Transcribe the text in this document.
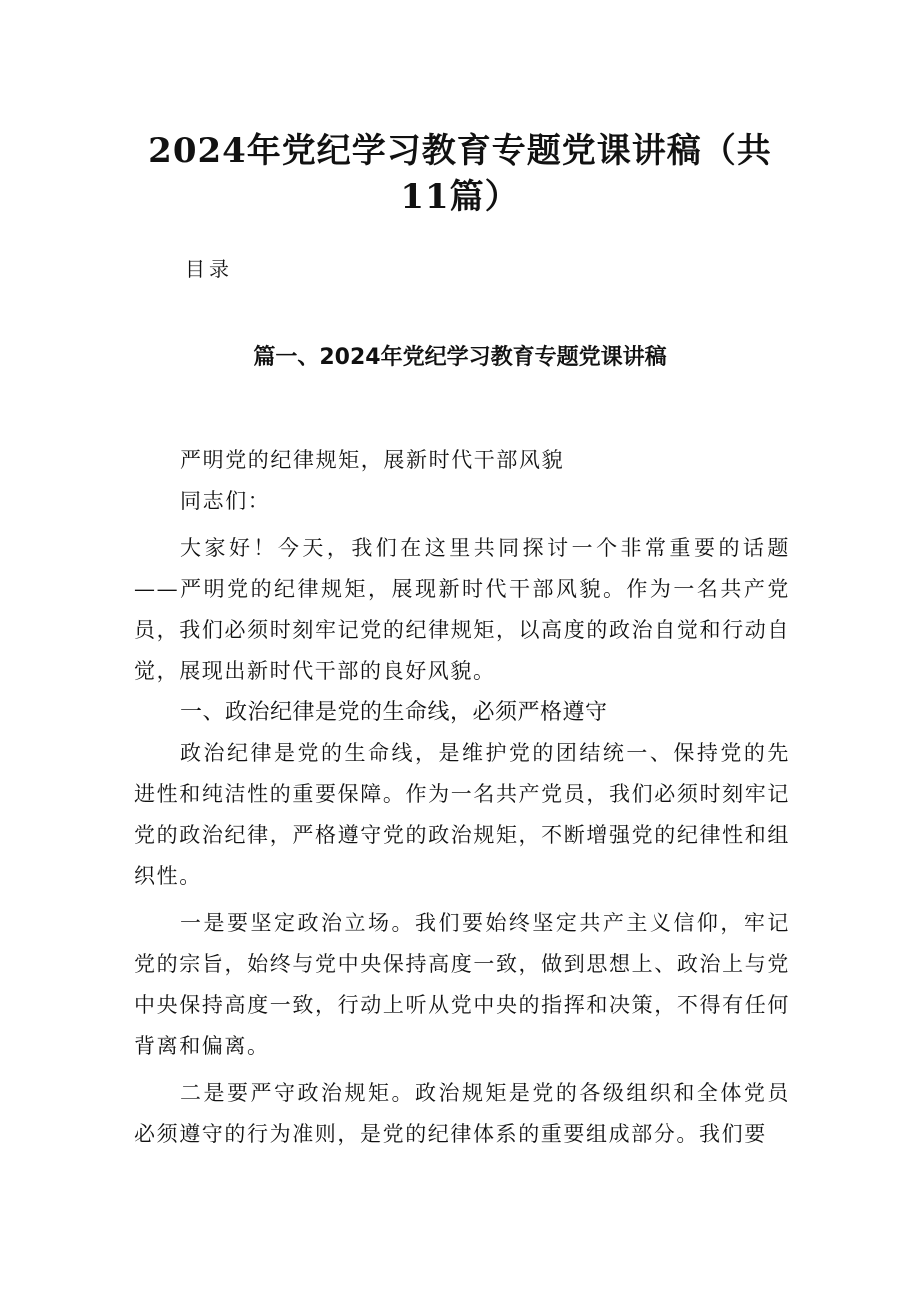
2024年党纪学习教育专题党课讲稿（共11篇）
目录
篇一、2024年党纪学习教育专题党课讲稿

严明党的纪律规矩，展新时代干部风貌

同志们：

大家好！今天，我们在这里共同探讨一个非常重要的话题——严明党的纪律规矩，展现新时代干部风貌。作为一名共产党员，我们必须时刻牢记党的纪律规矩，以高度的政治自觉和行动自觉，展现出新时代干部的良好风貌。

一、政治纪律是党的生命线，必须严格遵守

政治纪律是党的生命线，是维护党的团结统一、保持党的先进性和纯洁性的重要保障。作为一名共产党员，我们必须时刻牢记党的政治纪律，严格遵守党的政治规矩，不断增强党的纪律性和组织性。

一是要坚定政治立场。我们要始终坚定共产主义信仰，牢记党的宗旨，始终与党中央保持高度一致，做到思想上、政治上与党中央保持高度一致，行动上听从党中央的指挥和决策，不得有任何背离和偏离。

二是要严守政治规矩。政治规矩是党的各级组织和全体党员必须遵守的行为准则，是党的纪律体系的重要组成部分。我们要
